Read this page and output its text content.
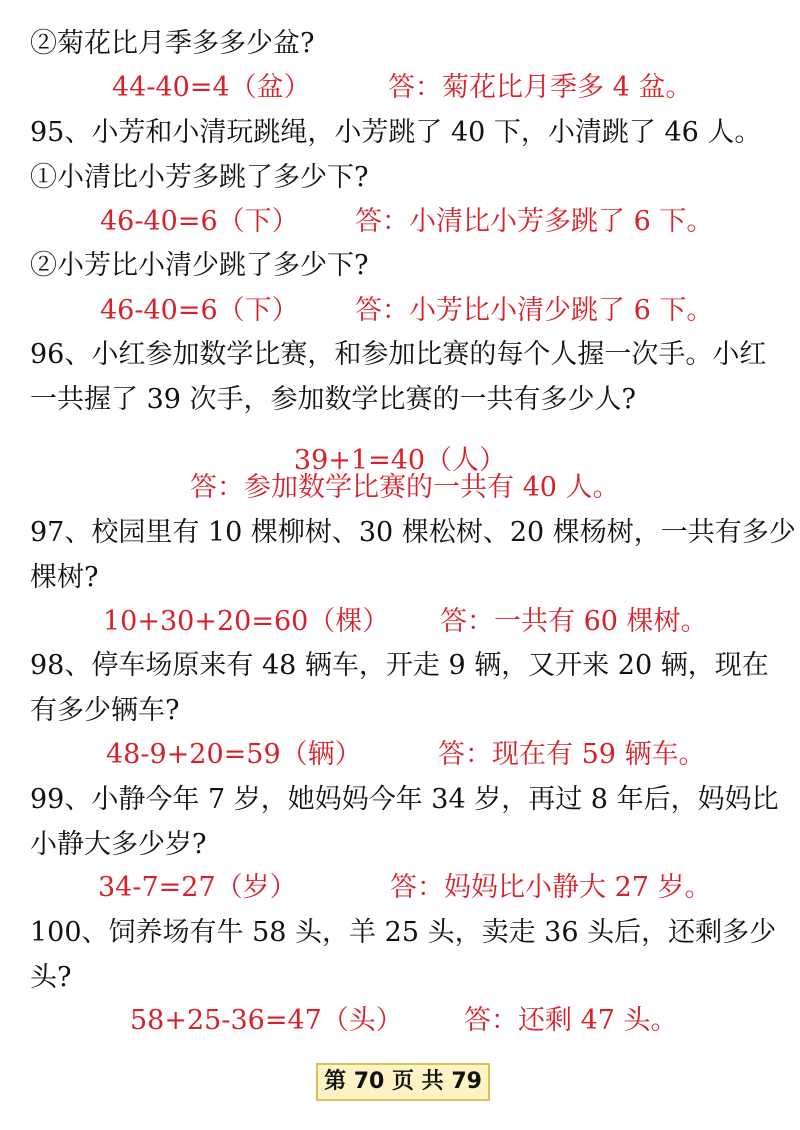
39+1=40（人）
第 70 页 共 79
②菊花比月季多多少盆?
44-40=4（盆）	答：菊花比月季多 4 盆。
95、小芳和小清玩跳绳，小芳跳了 40 下，小清跳了 46 人。
①小清比小芳多跳了多少下?
46-40=6（下） 答：小清比小芳多跳了 6 下。
②小芳比小清少跳了多少下?
46-40=6（下） 答：小芳比小清少跳了 6 下。
96、小红参加数学比赛，和参加比赛的每个人握一次手。小红
一共握了 39 次手，参加数学比赛的一共有多少人?
答：参加数学比赛的一共有 40 人。
97、校园里有 10 棵柳树、30 棵松树、20 棵杨树，一共有多少
棵树?
10+30+20=60（棵） 答：一共有 60 棵树。
98、停车场原来有 48 辆车，开走 9 辆，又开来 20 辆，现在
有多少辆车?
48-9+20=59（辆）	答：现在有 59 辆车。
99、小静今年 7 岁，她妈妈今年 34 岁，再过 8 年后，妈妈比
小静大多少岁?
34-7=27（岁）	答：妈妈比小静大 27 岁。
100、饲养场有牛 58 头，羊 25 头，卖走 36 头后，还剩多少
头?
58+25-36=47（头） 答：还剩 47 头。
